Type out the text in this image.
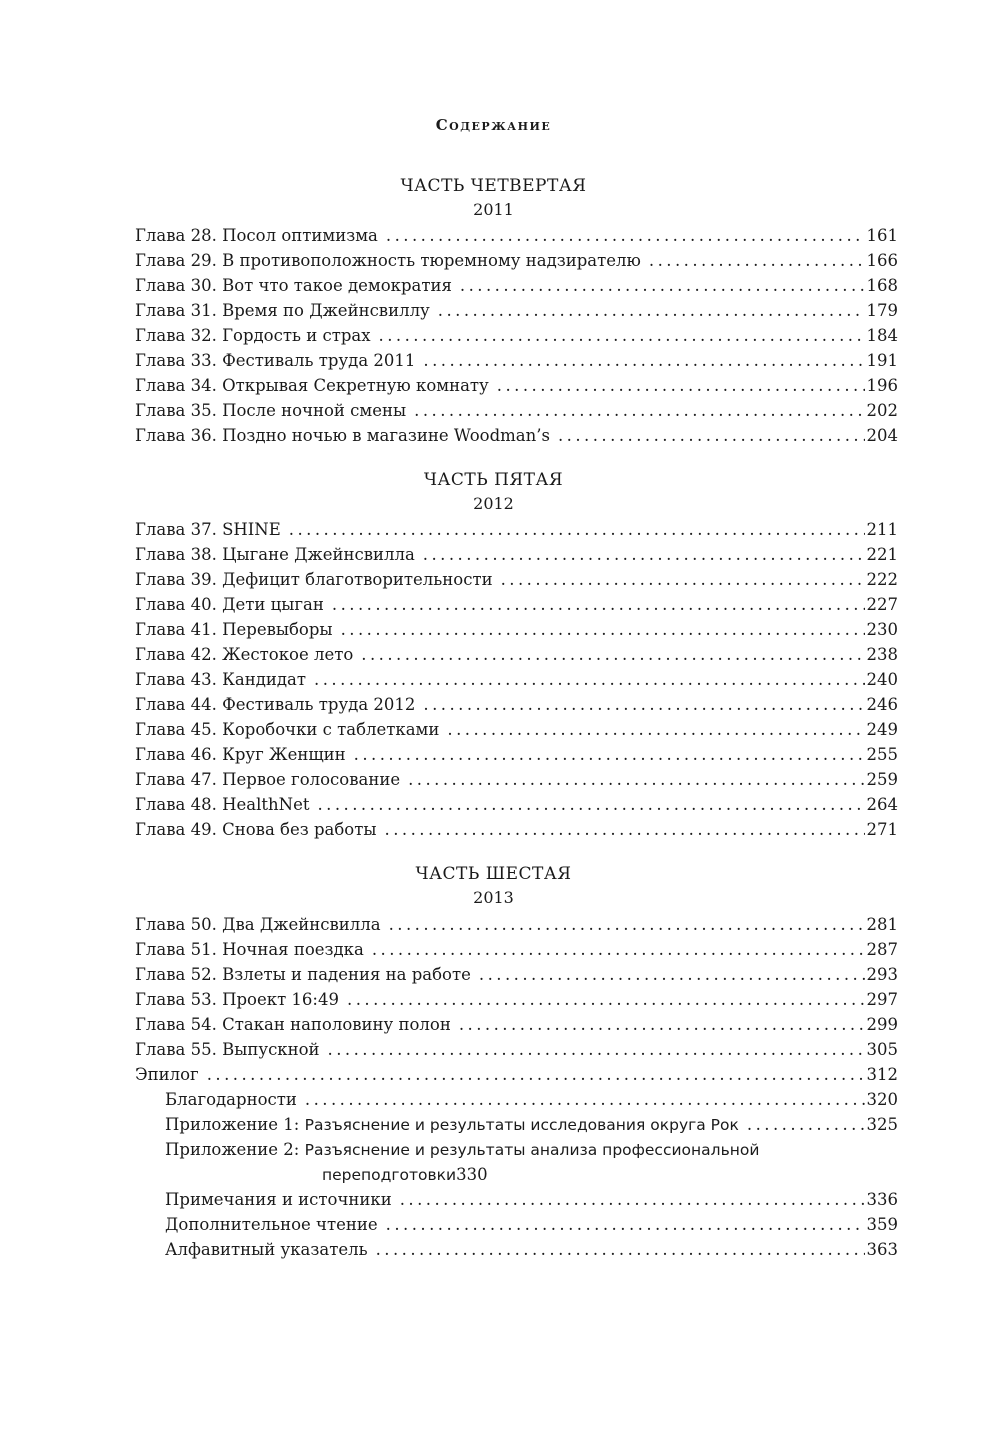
Содержание
ЧАСТЬ ЧЕТВЕРТАЯ
2011
Глава 28. Посол оптимизма . . .	161
Глава 29. В противоположность тюремному надзирателю . . .	166
Глава 30. Вот что такое демократия . . .	168
Глава 31. Время по Джейнсвиллу . . .	179
Глава 32. Гордость и страх . . .	184
Глава 33. Фестиваль труда 2011 . . .	191
Глава 34. Открывая Секретную комнату . . .	196
Глава 35. После ночной смены . . .	202
Глава 36. Поздно ночью в магазине Woodman’s . . .	204
ЧАСТЬ ПЯТАЯ
2012
Глава 37. SHINE . . .	211
Глава 38. Цыгане Джейнсвилла . . .	221
Глава 39. Дефицит благотворительности . . .	222
Глава 40. Дети цыган . . .	227
Глава 41. Перевыборы . . .	230
Глава 42. Жестокое лето . . .	238
Глава 43. Кандидат . . .	240
Глава 44. Фестиваль труда 2012 . . .	246
Глава 45. Коробочки с таблетками . . .	249
Глава 46. Круг Женщин . . .	255
Глава 47. Первое голосование . . .	259
Глава 48. HealthNet . . .	264
Глава 49. Снова без работы . . .	271
ЧАСТЬ ШЕСТАЯ
2013
Глава 50. Два Джейнсвилла . . .	281
Глава 51. Ночная поездка . . .	287
Глава 52. Взлеты и падения на работе . . .	293
Глава 53. Проект 16:49 . . .	297
Глава 54. Стакан наполовину полон . . .	299
Глава 55. Выпускной . . .	305
Эпилог . . .	312
Благодарности . . .	320
Приложение 1: Разъяснение и результаты исследования округа Рок . . .	325
Приложение 2: Разъяснение и результаты анализа профессиональной
переподготовки 330
Примечания и источники . . .	336
Дополнительное чтение . . .	359
Алфавитный указатель . . .	363
